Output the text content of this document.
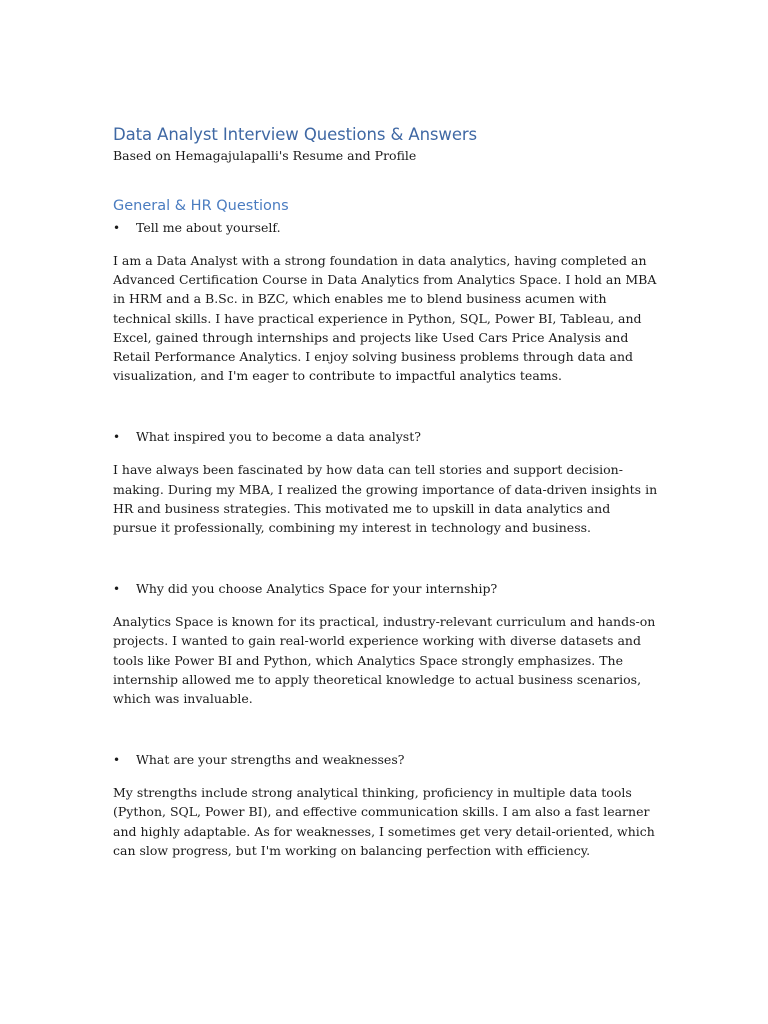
Data Analyst Interview Questions & Answers

Based on Hemagajulapalli's Resume and Profile

General & HR Questions
• Tell me about yourself.

I am a Data Analyst with a strong foundation in data analytics, having completed an Advanced Certification Course in Data Analytics from Analytics Space. I hold an MBA in HRM and a B.Sc. in BZC, which enables me to blend business acumen with technical skills. I have practical experience in Python, SQL, Power BI, Tableau, and Excel, gained through internships and projects like Used Cars Price Analysis and Retail Performance Analytics. I enjoy solving business problems through data and visualization, and I'm eager to contribute to impactful analytics teams.

• What inspired you to become a data analyst?

I have always been fascinated by how data can tell stories and support decision-making. During my MBA, I realized the growing importance of data-driven insights in HR and business strategies. This motivated me to upskill in data analytics and pursue it professionally, combining my interest in technology and business.

• Why did you choose Analytics Space for your internship?

Analytics Space is known for its practical, industry-relevant curriculum and hands-on projects. I wanted to gain real-world experience working with diverse datasets and tools like Power BI and Python, which Analytics Space strongly emphasizes. The internship allowed me to apply theoretical knowledge to actual business scenarios, which was invaluable.

• What are your strengths and weaknesses?

My strengths include strong analytical thinking, proficiency in multiple data tools (Python, SQL, Power BI), and effective communication skills. I am also a fast learner and highly adaptable. As for weaknesses, I sometimes get very detail-oriented, which can slow progress, but I'm working on balancing perfection with efficiency.
